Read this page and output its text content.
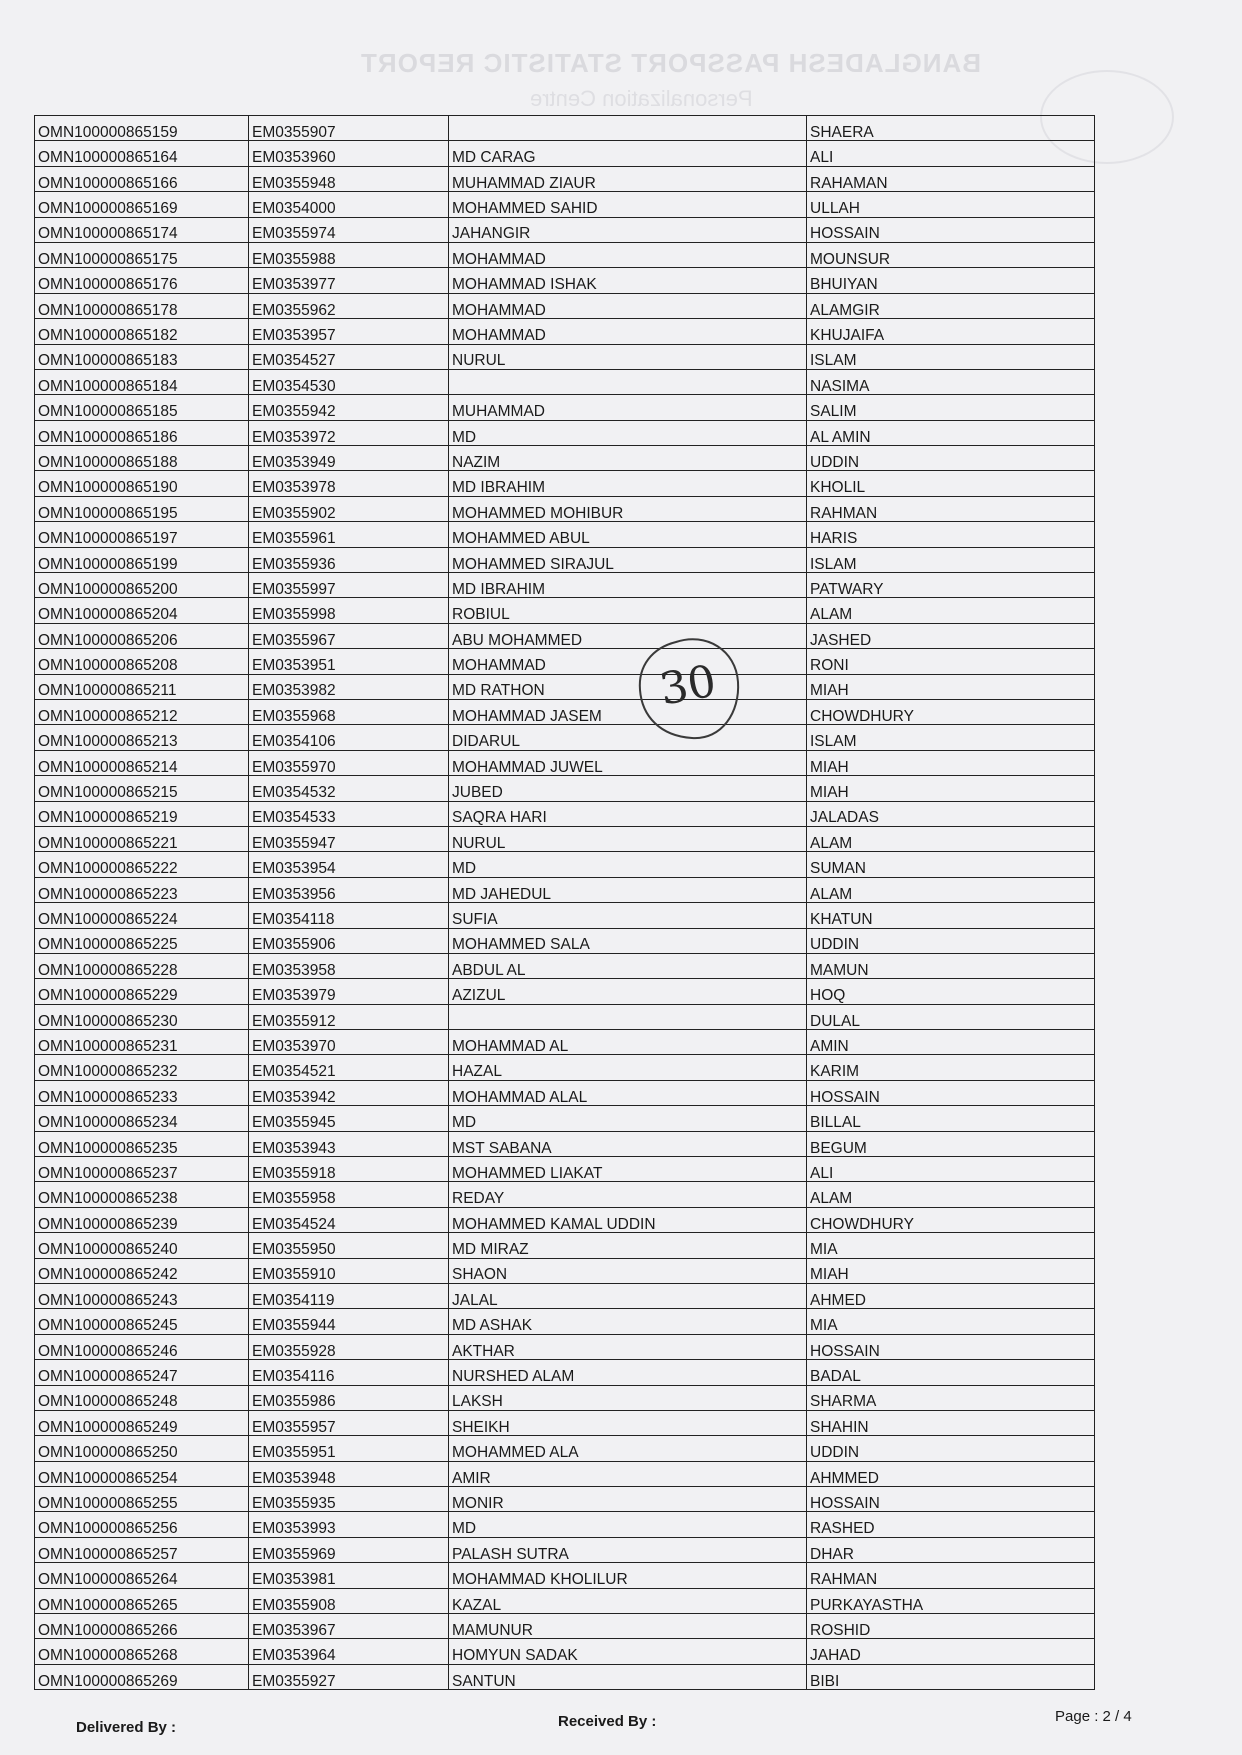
BANGLADESH PASSPORT STATISTIC REPORT
Personalization Centre
OMN100000865159	EM0355907		SHAERA
OMN100000865164	EM0353960	MD CARAG	ALI
OMN100000865166	EM0355948	MUHAMMAD ZIAUR	RAHAMAN
OMN100000865169	EM0354000	MOHAMMED SAHID	ULLAH
OMN100000865174	EM0355974	JAHANGIR	HOSSAIN
OMN100000865175	EM0355988	MOHAMMAD	MOUNSUR
OMN100000865176	EM0353977	MOHAMMAD ISHAK	BHUIYAN
OMN100000865178	EM0355962	MOHAMMAD	ALAMGIR
OMN100000865182	EM0353957	MOHAMMAD	KHUJAIFA
OMN100000865183	EM0354527	NURUL	ISLAM
OMN100000865184	EM0354530		NASIMA
OMN100000865185	EM0355942	MUHAMMAD	SALIM
OMN100000865186	EM0353972	MD	AL AMIN
OMN100000865188	EM0353949	NAZIM	UDDIN
OMN100000865190	EM0353978	MD IBRAHIM	KHOLIL
OMN100000865195	EM0355902	MOHAMMED MOHIBUR	RAHMAN
OMN100000865197	EM0355961	MOHAMMED ABUL	HARIS
OMN100000865199	EM0355936	MOHAMMED SIRAJUL	ISLAM
OMN100000865200	EM0355997	MD IBRAHIM	PATWARY
OMN100000865204	EM0355998	ROBIUL	ALAM
OMN100000865206	EM0355967	ABU MOHAMMED	JASHED
OMN100000865208	EM0353951	MOHAMMAD	RONI
OMN100000865211	EM0353982	MD RATHON	MIAH
OMN100000865212	EM0355968	MOHAMMAD JASEM	CHOWDHURY
OMN100000865213	EM0354106	DIDARUL	ISLAM
OMN100000865214	EM0355970	MOHAMMAD JUWEL	MIAH
OMN100000865215	EM0354532	JUBED	MIAH
OMN100000865219	EM0354533	SAQRA HARI	JALADAS
OMN100000865221	EM0355947	NURUL	ALAM
OMN100000865222	EM0353954	MD	SUMAN
OMN100000865223	EM0353956	MD JAHEDUL	ALAM
OMN100000865224	EM0354118	SUFIA	KHATUN
OMN100000865225	EM0355906	MOHAMMED SALA	UDDIN
OMN100000865228	EM0353958	ABDUL AL	MAMUN
OMN100000865229	EM0353979	AZIZUL	HOQ
OMN100000865230	EM0355912		DULAL
OMN100000865231	EM0353970	MOHAMMAD AL	AMIN
OMN100000865232	EM0354521	HAZAL	KARIM
OMN100000865233	EM0353942	MOHAMMAD ALAL	HOSSAIN
OMN100000865234	EM0355945	MD	BILLAL
OMN100000865235	EM0353943	MST SABANA	BEGUM
OMN100000865237	EM0355918	MOHAMMED LIAKAT	ALI
OMN100000865238	EM0355958	REDAY	ALAM
OMN100000865239	EM0354524	MOHAMMED KAMAL UDDIN	CHOWDHURY
OMN100000865240	EM0355950	MD MIRAZ	MIA
OMN100000865242	EM0355910	SHAON	MIAH
OMN100000865243	EM0354119	JALAL	AHMED
OMN100000865245	EM0355944	MD ASHAK	MIA
OMN100000865246	EM0355928	AKTHAR	HOSSAIN
OMN100000865247	EM0354116	NURSHED ALAM	BADAL
OMN100000865248	EM0355986	LAKSH	SHARMA
OMN100000865249	EM0355957	SHEIKH	SHAHIN
OMN100000865250	EM0355951	MOHAMMED ALA	UDDIN
OMN100000865254	EM0353948	AMIR	AHMMED
OMN100000865255	EM0355935	MONIR	HOSSAIN
OMN100000865256	EM0353993	MD	RASHED
OMN100000865257	EM0355969	PALASH SUTRA	DHAR
OMN100000865264	EM0353981	MOHAMMAD KHOLILUR	RAHMAN
OMN100000865265	EM0355908	KAZAL	PURKAYASTHA
OMN100000865266	EM0353967	MAMUNUR	ROSHID
OMN100000865268	EM0353964	HOMYUN SADAK	JAHAD
OMN100000865269	EM0355927	SANTUN	BIBI
30
Delivered By :	Received By :	Page : 2 / 4
